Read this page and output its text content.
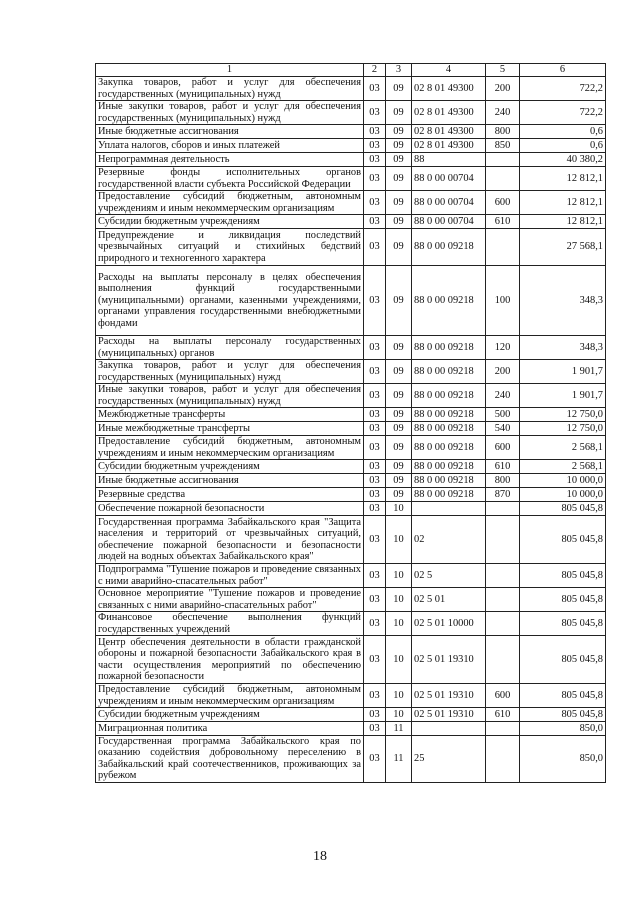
1	2	3	4	5	6
Закупка товаров, работ и услуг для обеспечения государственных (муниципальных) нужд	03	09	02 8 01 49300	200	722,2
Иные закупки товаров, работ и услуг для обеспечения государственных (муниципальных) нужд	03	09	02 8 01 49300	240	722,2
Иные бюджетные ассигнования	03	09	02 8 01 49300	800	0,6
Уплата налогов, сборов и иных платежей	03	09	02 8 01 49300	850	0,6
Непрограммная деятельность	03	09	88		40 380,2
Резервные фонды исполнительных органов государственной власти субъекта Российской Федерации	03	09	88 0 00 00704		12 812,1
Предоставление субсидий бюджетным, автономным учреждениям и иным некоммерческим организациям	03	09	88 0 00 00704	600	12 812,1
Субсидии бюджетным учреждениям	03	09	88 0 00 00704	610	12 812,1
Предупреждение и ликвидация последствий чрезвычайных ситуаций и стихийных бедствий природного и техногенного характера	03	09	88 0 00 09218		27 568,1
Расходы на выплаты персоналу в целях обеспечения выполнения функций государственными (муниципальными) органами, казенными учреждениями, органами управления государственными внебюджетными фондами	03	09	88 0 00 09218	100	348,3
Расходы на выплаты персоналу государственных (муниципальных) органов	03	09	88 0 00 09218	120	348,3
Закупка товаров, работ и услуг для обеспечения государственных (муниципальных) нужд	03	09	88 0 00 09218	200	1 901,7
Иные закупки товаров, работ и услуг для обеспечения государственных (муниципальных) нужд	03	09	88 0 00 09218	240	1 901,7
Межбюджетные трансферты	03	09	88 0 00 09218	500	12 750,0
Иные межбюджетные трансферты	03	09	88 0 00 09218	540	12 750,0
Предоставление субсидий бюджетным, автономным учреждениям и иным некоммерческим организациям	03	09	88 0 00 09218	600	2 568,1
Субсидии бюджетным учреждениям	03	09	88 0 00 09218	610	2 568,1
Иные бюджетные ассигнования	03	09	88 0 00 09218	800	10 000,0
Резервные средства	03	09	88 0 00 09218	870	10 000,0
Обеспечение пожарной безопасности	03	10			805 045,8
Государственная программа Забайкальского края "Защита населения и территорий от чрезвычайных ситуаций, обеспечение пожарной безопасности и безопасности людей на водных объектах Забайкальского края"	03	10	02		805 045,8
Подпрограмма "Тушение пожаров и проведение связанных с ними аварийно-спасательных работ"	03	10	02 5		805 045,8
Основное мероприятие "Тушение пожаров и проведение связанных с ними аварийно-спасательных работ"	03	10	02 5 01		805 045,8
Финансовое обеспечение выполнения функций государственных учреждений	03	10	02 5 01 10000		805 045,8
Центр обеспечения деятельности в области гражданской обороны и пожарной безопасности Забайкальского края в части осуществления мероприятий по обеспечению пожарной безопасности	03	10	02 5 01 19310		805 045,8
Предоставление субсидий бюджетным, автономным учреждениям и иным некоммерческим организациям	03	10	02 5 01 19310	600	805 045,8
Субсидии бюджетным учреждениям	03	10	02 5 01 19310	610	805 045,8
Миграционная политика	03	11			850,0
Государственная программа Забайкальского края по оказанию содействия добровольному переселению в Забайкальский край соотечественников, проживающих за рубежом	03	11	25		850,0
18
